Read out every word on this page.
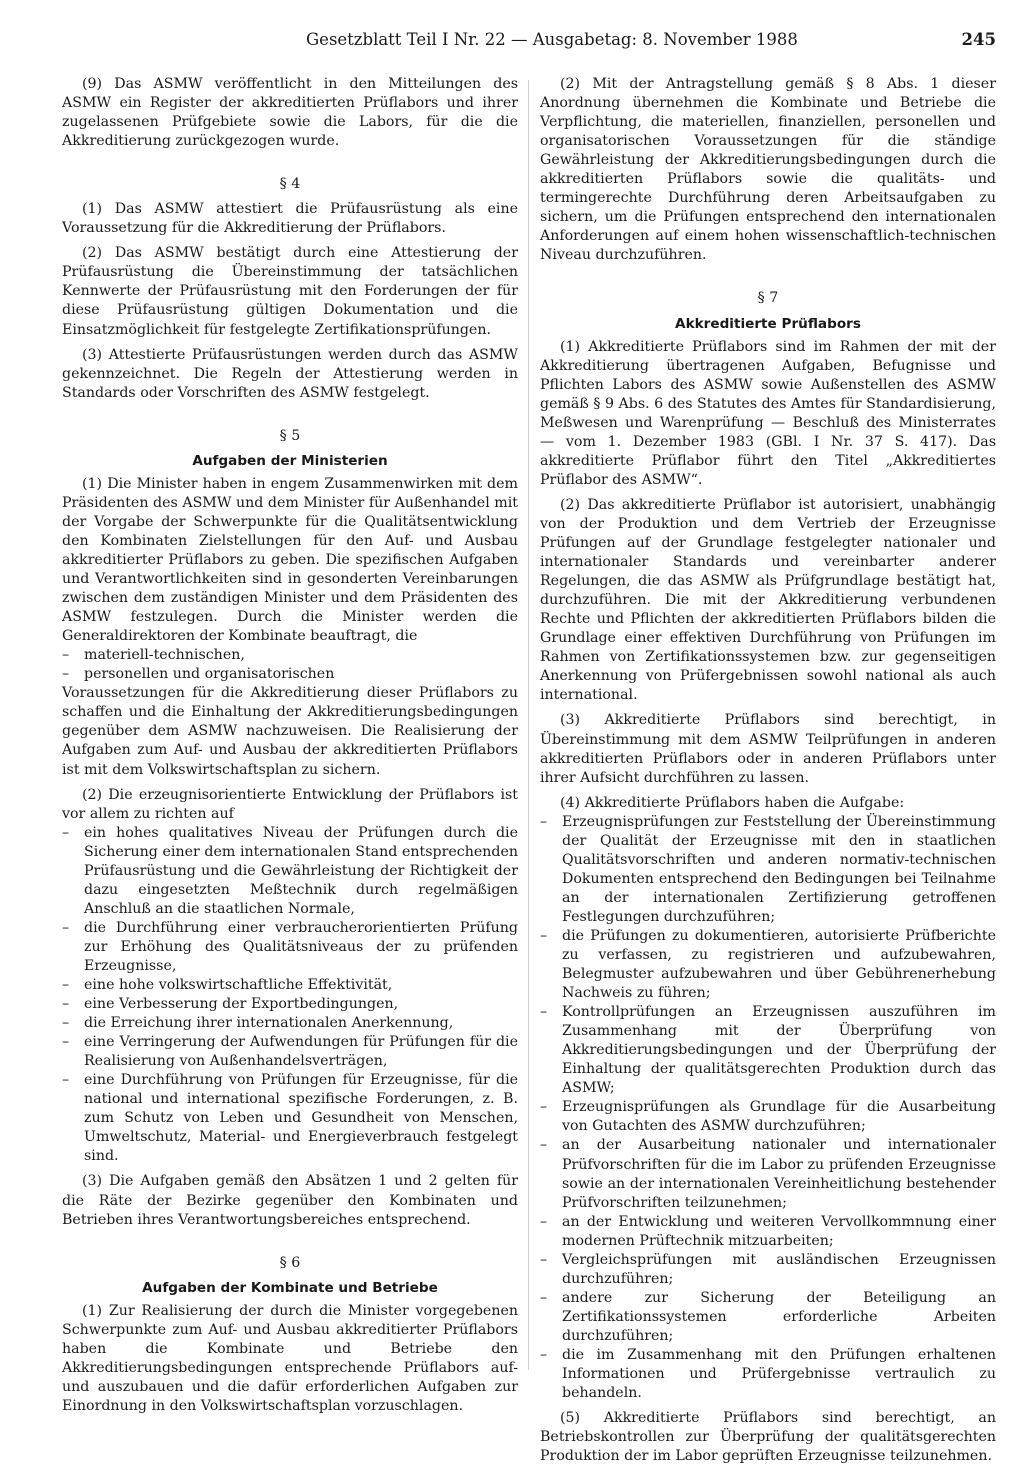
Gesetzblatt Teil I Nr. 22 — Ausgabetag: 8. November 1988	245

(9) Das ASMW veröffentlicht in den Mitteilungen des ASMW ein Register der akkreditierten Prüflabors und ihrer zugelassenen Prüfgebiete sowie die Labors, für die die Akkreditierung zurückgezogen wurde.

§ 4

(1) Das ASMW attestiert die Prüfausrüstung als eine Voraussetzung für die Akkreditierung der Prüflabors.

(2) Das ASMW bestätigt durch eine Attestierung der Prüfausrüstung die Übereinstimmung der tatsächlichen Kennwerte der Prüfausrüstung mit den Forderungen der für diese Prüfausrüstung gültigen Dokumentation und die Einsatzmöglichkeit für festgelegte Zertifikationsprüfungen.

(3) Attestierte Prüfausrüstungen werden durch das ASMW gekennzeichnet. Die Regeln der Attestierung werden in Standards oder Vorschriften des ASMW festgelegt.

§ 5

Aufgaben der Ministerien

(1) Die Minister haben in engem Zusammenwirken mit dem Präsidenten des ASMW und dem Minister für Außenhandel mit der Vorgabe der Schwerpunkte für die Qualitätsentwicklung den Kombinaten Zielstellungen für den Auf- und Ausbau akkreditierter Prüflabors zu geben. Die spezifischen Aufgaben und Verantwortlichkeiten sind in gesonderten Vereinbarungen zwischen dem zuständigen Minister und dem Präsidenten des ASMW festzulegen. Durch die Minister werden die Generaldirektoren der Kombinate beauftragt, die

– materiell-technischen,
– personellen und organisatorischen

Voraussetzungen für die Akkreditierung dieser Prüflabors zu schaffen und die Einhaltung der Akkreditierungsbedingungen gegenüber dem ASMW nachzuweisen. Die Realisierung der Aufgaben zum Auf- und Ausbau der akkreditierten Prüflabors ist mit dem Volkswirtschaftsplan zu sichern.

(2) Die erzeugnisorientierte Entwicklung der Prüflabors ist vor allem zu richten auf

– ein hohes qualitatives Niveau der Prüfungen durch die Sicherung einer dem internationalen Stand entsprechenden Prüfausrüstung und die Gewährleistung der Richtigkeit der dazu eingesetzten Meßtechnik durch regelmäßigen Anschluß an die staatlichen Normale,
– die Durchführung einer verbraucherorientierten Prüfung zur Erhöhung des Qualitätsniveaus der zu prüfenden Erzeugnisse,
– eine hohe volkswirtschaftliche Effektivität,
– eine Verbesserung der Exportbedingungen,
– die Erreichung ihrer internationalen Anerkennung,
– eine Verringerung der Aufwendungen für Prüfungen für die Realisierung von Außenhandelsverträgen,
– eine Durchführung von Prüfungen für Erzeugnisse, für die national und international spezifische Forderungen, z. B. zum Schutz von Leben und Gesundheit von Menschen, Umweltschutz, Material- und Energieverbrauch festgelegt sind.

(3) Die Aufgaben gemäß den Absätzen 1 und 2 gelten für die Räte der Bezirke gegenüber den Kombinaten und Betrieben ihres Verantwortungsbereiches entsprechend.

§ 6

Aufgaben der Kombinate und Betriebe

(1) Zur Realisierung der durch die Minister vorgegebenen Schwerpunkte zum Auf- und Ausbau akkreditierter Prüflabors haben die Kombinate und Betriebe den Akkreditierungsbedingungen entsprechende Prüflabors auf- und auszubauen und die dafür erforderlichen Aufgaben zur Einordnung in den Volkswirtschaftsplan vorzuschlagen.

(2) Mit der Antragstellung gemäß § 8 Abs. 1 dieser Anordnung übernehmen die Kombinate und Betriebe die Verpflichtung, die materiellen, finanziellen, personellen und organisatorischen Voraussetzungen für die ständige Gewährleistung der Akkreditierungsbedingungen durch die akkreditierten Prüflabors sowie die qualitäts- und termingerechte Durchführung deren Arbeitsaufgaben zu sichern, um die Prüfungen entsprechend den internationalen Anforderungen auf einem hohen wissenschaftlich-technischen Niveau durchzuführen.

§ 7

Akkreditierte Prüflabors

(1) Akkreditierte Prüflabors sind im Rahmen der mit der Akkreditierung übertragenen Aufgaben, Befugnisse und Pflichten Labors des ASMW sowie Außenstellen des ASMW gemäß § 9 Abs. 6 des Statutes des Amtes für Standardisierung, Meßwesen und Warenprüfung — Beschluß des Ministerrates — vom 1. Dezember 1983 (GBl. I Nr. 37 S. 417). Das akkreditierte Prüflabor führt den Titel „Akkreditiertes Prüflabor des ASMW“.

(2) Das akkreditierte Prüflabor ist autorisiert, unabhängig von der Produktion und dem Vertrieb der Erzeugnisse Prüfungen auf der Grundlage festgelegter nationaler und internationaler Standards und vereinbarter anderer Regelungen, die das ASMW als Prüfgrundlage bestätigt hat, durchzuführen. Die mit der Akkreditierung verbundenen Rechte und Pflichten der akkreditierten Prüflabors bilden die Grundlage einer effektiven Durchführung von Prüfungen im Rahmen von Zertifikationssystemen bzw. zur gegenseitigen Anerkennung von Prüfergebnissen sowohl national als auch international.

(3) Akkreditierte Prüflabors sind berechtigt, in Übereinstimmung mit dem ASMW Teilprüfungen in anderen akkreditierten Prüflabors oder in anderen Prüflabors unter ihrer Aufsicht durchführen zu lassen.

(4) Akkreditierte Prüflabors haben die Aufgabe:

– Erzeugnisprüfungen zur Feststellung der Übereinstimmung der Qualität der Erzeugnisse mit den in staatlichen Qualitätsvorschriften und anderen normativ-technischen Dokumenten entsprechend den Bedingungen bei Teilnahme an der internationalen Zertifizierung getroffenen Festlegungen durchzuführen;
– die Prüfungen zu dokumentieren, autorisierte Prüfberichte zu verfassen, zu registrieren und aufzubewahren, Belegmuster aufzubewahren und über Gebührenerhebung Nachweis zu führen;
– Kontrollprüfungen an Erzeugnissen auszuführen im Zusammenhang mit der Überprüfung von Akkreditierungsbedingungen und der Überprüfung der Einhaltung der qualitätsgerechten Produktion durch das ASMW;
– Erzeugnisprüfungen als Grundlage für die Ausarbeitung von Gutachten des ASMW durchzuführen;
– an der Ausarbeitung nationaler und internationaler Prüfvorschriften für die im Labor zu prüfenden Erzeugnisse sowie an der internationalen Vereinheitlichung bestehender Prüfvorschriften teilzunehmen;
– an der Entwicklung und weiteren Vervollkommnung einer modernen Prüftechnik mitzuarbeiten;
– Vergleichsprüfungen mit ausländischen Erzeugnissen durchzuführen;
– andere zur Sicherung der Beteiligung an Zertifikationssystemen erforderliche Arbeiten durchzuführen;
– die im Zusammenhang mit den Prüfungen erhaltenen Informationen und Prüfergebnisse vertraulich zu behandeln.

(5) Akkreditierte Prüflabors sind berechtigt, an Betriebskontrollen zur Überprüfung der qualitätsgerechten Produktion der im Labor geprüften Erzeugnisse teilzunehmen.
